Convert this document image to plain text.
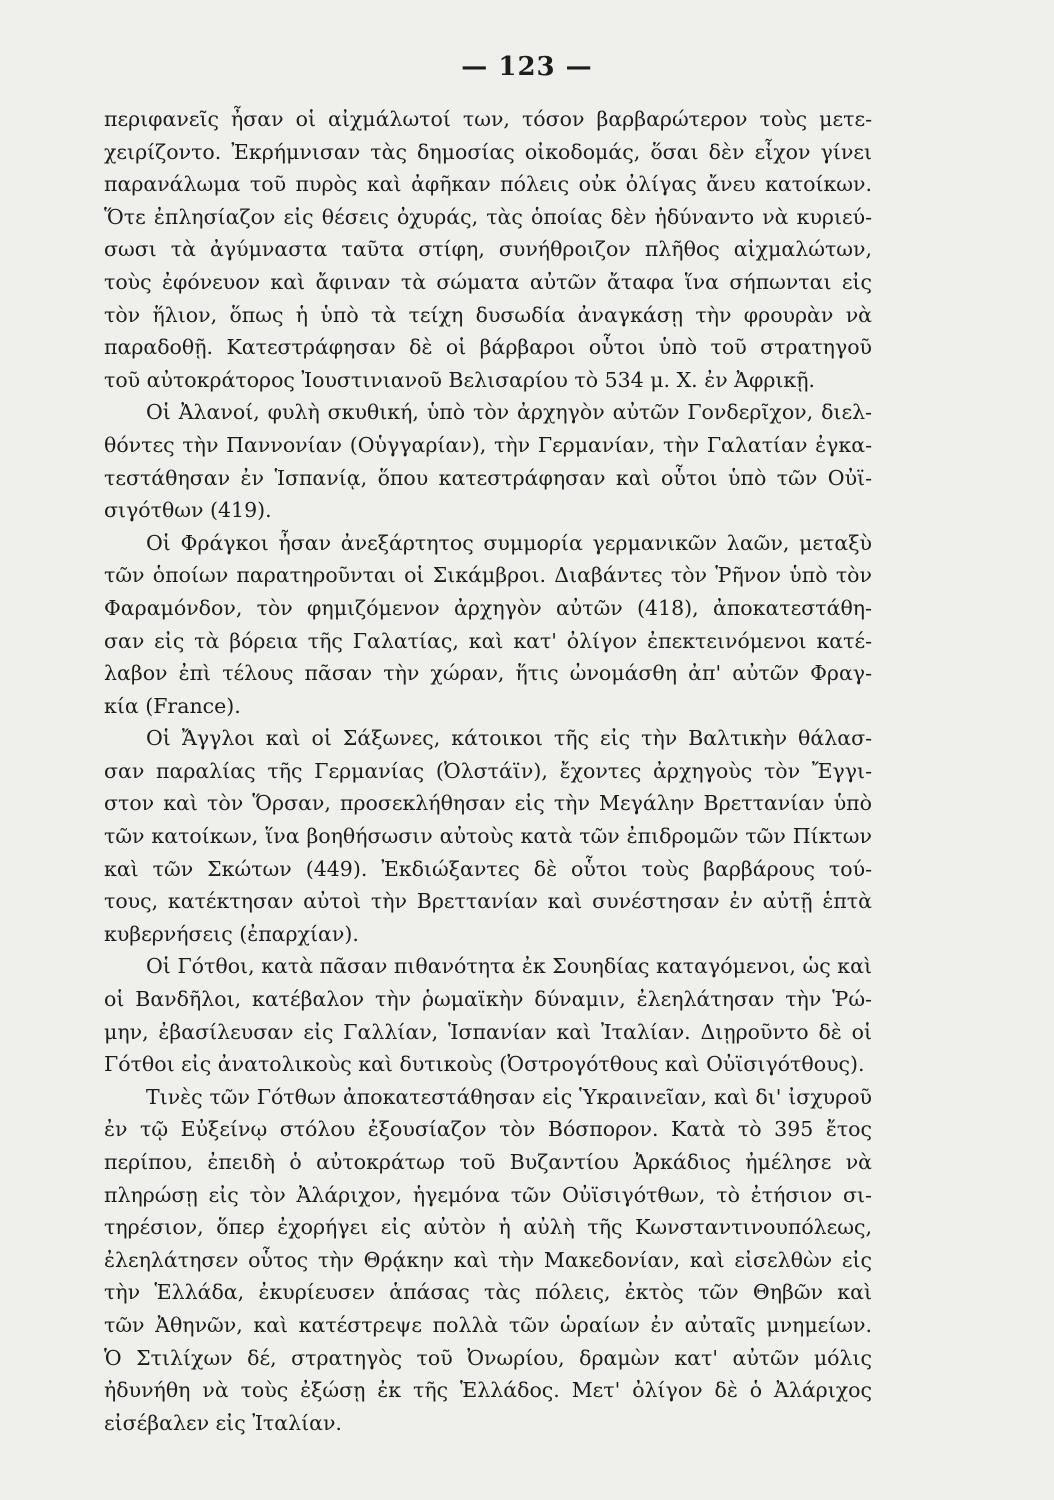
— 123 —
περιφανεῖς ἦσαν οἱ αἰχμάλωτοί των, τόσον βαρβαρώτερον τοὺς μετε-
χειρίζοντο. Ἐκρήμνισαν τὰς δημοσίας οἰκοδομάς, ὅσαι δὲν εἶχον γίνει
παρανάλωμα τοῦ πυρὸς καὶ ἀφῆκαν πόλεις οὐκ ὀλίγας ἄνευ κατοίκων.
Ὅτε ἐπλησίαζον εἰς θέσεις ὀχυράς, τὰς ὁποίας δὲν ἠδύναντο νὰ κυριεύ-
σωσι τὰ ἀγύμναστα ταῦτα στίφη, συνήθροιζον πλῆθος αἰχμαλώτων,
τοὺς ἐφόνευον καὶ ἄφιναν τὰ σώματα αὐτῶν ἄταφα ἵνα σήπωνται εἰς
τὸν ἥλιον, ὅπως ἡ ὑπὸ τὰ τείχη δυσωδία ἀναγκάσῃ τὴν φρουρὰν νὰ
παραδοθῇ. Κατεστράφησαν δὲ οἱ βάρβαροι οὗτοι ὑπὸ τοῦ στρατηγοῦ
τοῦ αὐτοκράτορος Ἰουστινιανοῦ Βελισαρίου τὸ 534 μ. Χ. ἐν Ἀφρικῇ.
Οἱ Ἀλανοί, φυλὴ σκυθική, ὑπὸ τὸν ἀρχηγὸν αὐτῶν Γονδερῖχον, διελ-
θόντες τὴν Παννονίαν (Οὑγγαρίαν), τὴν Γερμανίαν, τὴν Γαλατίαν ἐγκα-
τεστάθησαν ἐν Ἱσπανίᾳ, ὅπου κατεστράφησαν καὶ οὗτοι ὑπὸ τῶν Οὐϊ-
σιγότθων (419).
Οἱ Φράγκοι ἦσαν ἀνεξάρτητος συμμορία γερμανικῶν λαῶν, μεταξὺ
τῶν ὁποίων παρατηροῦνται οἱ Σικάμβροι. Διαβάντες τὸν Ῥῆνον ὑπὸ τὸν
Φαραμόνδον, τὸν φημιζόμενον ἀρχηγὸν αὐτῶν (418), ἀποκατεστάθη-
σαν εἰς τὰ βόρεια τῆς Γαλατίας, καὶ κατ' ὀλίγον ἐπεκτεινόμενοι κατέ-
λαβον ἐπὶ τέλους πᾶσαν τὴν χώραν, ἥτις ὠνομάσθη ἀπ' αὐτῶν Φραγ-
κία (France).
Οἱ Ἄγγλοι καὶ οἱ Σάξωνες, κάτοικοι τῆς εἰς τὴν Βαλτικὴν θάλασ-
σαν παραλίας τῆς Γερμανίας (Ὀλστάϊν), ἔχοντες ἀρχηγοὺς τὸν Ἔγγι-
στον καὶ τὸν Ὅρσαν, προσεκλήθησαν εἰς τὴν Μεγάλην Βρεττανίαν ὑπὸ
τῶν κατοίκων, ἵνα βοηθήσωσιν αὐτοὺς κατὰ τῶν ἐπιδρομῶν τῶν Πίκτων
καὶ τῶν Σκώτων (449). Ἐκδιώξαντες δὲ οὗτοι τοὺς βαρβάρους τού-
τους, κατέκτησαν αὐτοὶ τὴν Βρεττανίαν καὶ συνέστησαν ἐν αὐτῇ ἑπτὰ
κυβερνήσεις (ἐπαρχίαν).
Οἱ Γότθοι, κατὰ πᾶσαν πιθανότητα ἐκ Σουηδίας καταγόμενοι, ὡς καὶ
οἱ Βανδῆλοι, κατέβαλον τὴν ῥωμαϊκὴν δύναμιν, ἐλεηλάτησαν τὴν Ῥώ-
μην, ἐβασίλευσαν εἰς Γαλλίαν, Ἱσπανίαν καὶ Ἰταλίαν. Διῃροῦντο δὲ οἱ
Γότθοι εἰς ἀνατολικοὺς καὶ δυτικοὺς (Ὀστρογότθους καὶ Οὐϊσιγότθους).
Τινὲς τῶν Γότθων ἀποκατεστάθησαν εἰς Ὑκραινεῖαν, καὶ δι' ἰσχυροῦ
ἐν τῷ Εὐξείνῳ στόλου ἐξουσίαζον τὸν Βόσπορον. Κατὰ τὸ 395 ἔτος
περίπου, ἐπειδὴ ὁ αὐτοκράτωρ τοῦ Βυζαντίου Ἀρκάδιος ἠμέλησε νὰ
πληρώσῃ εἰς τὸν Ἀλάριχον, ἡγεμόνα τῶν Οὐϊσιγότθων, τὸ ἐτήσιον σι-
τηρέσιον, ὅπερ ἐχορήγει εἰς αὐτὸν ἡ αὐλὴ τῆς Κωνσταντινουπόλεως,
ἐλεηλάτησεν οὗτος τὴν Θρᾴκην καὶ τὴν Μακεδονίαν, καὶ εἰσελθὼν εἰς
τὴν Ἑλλάδα, ἐκυρίευσεν ἁπάσας τὰς πόλεις, ἐκτὸς τῶν Θηβῶν καὶ
τῶν Ἀθηνῶν, καὶ κατέστρεψε πολλὰ τῶν ὡραίων ἐν αὐταῖς μνημείων.
Ὁ Στιλίχων δέ, στρατηγὸς τοῦ Ὀνωρίου, δραμὼν κατ' αὐτῶν μόλις
ἠδυνήθη νὰ τοὺς ἐξώσῃ ἐκ τῆς Ἑλλάδος. Μετ' ὀλίγον δὲ ὁ Ἀλάριχος
εἰσέβαλεν εἰς Ἰταλίαν.
